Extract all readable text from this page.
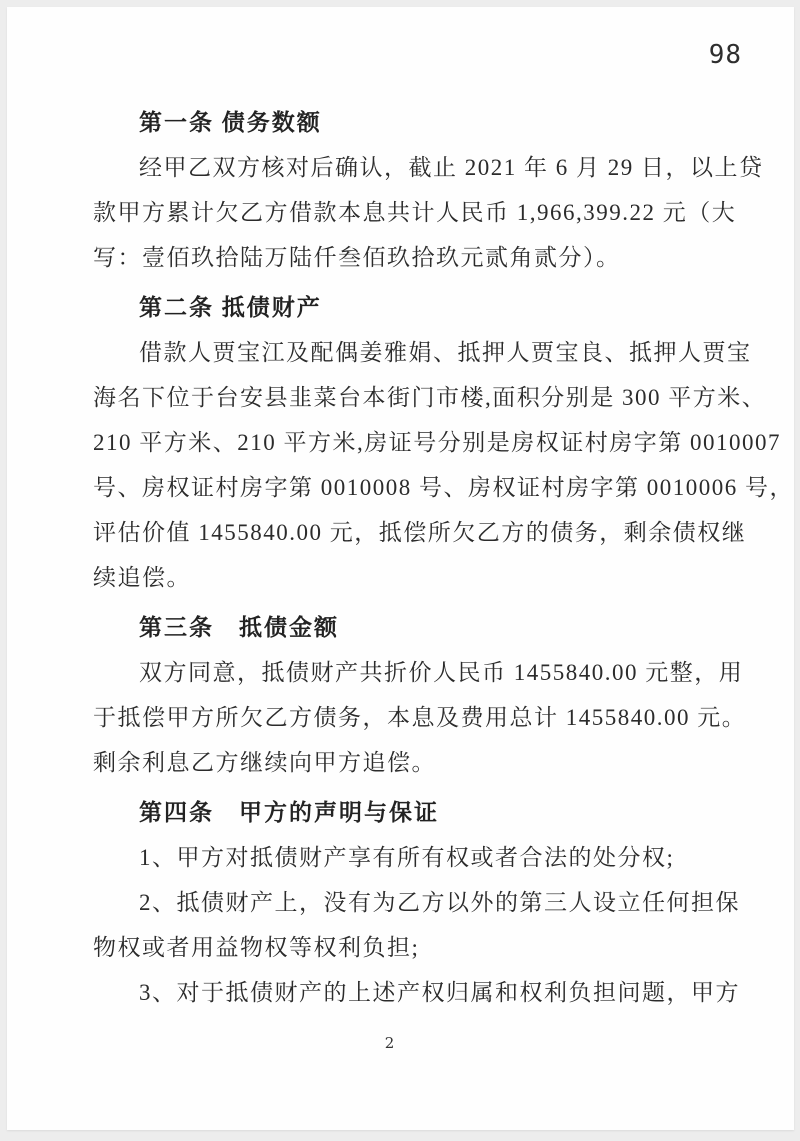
98
第一条 债务数额
经甲乙双方核对后确认，截止 2021 年 6 月 29 日，以上贷
款甲方累计欠乙方借款本息共计人民币 1,966,399.22 元（大
写：壹佰玖拾陆万陆仟叁佰玖拾玖元贰角贰分）。
第二条 抵债财产
借款人贾宝江及配偶姜雅娟、抵押人贾宝良、抵押人贾宝
海名下位于台安县韭菜台本街门市楼,面积分别是 300 平方米、
210 平方米、210 平方米,房证号分别是房权证村房字第 0010007
号、房权证村房字第 0010008 号、房权证村房字第 0010006 号，
评估价值 1455840.00 元，抵偿所欠乙方的债务，剩余债权继
续追偿。
第三条　抵债金额
双方同意，抵债财产共折价人民币 1455840.00 元整，用
于抵偿甲方所欠乙方债务，本息及费用总计 1455840.00 元。
剩余利息乙方继续向甲方追偿。
第四条　甲方的声明与保证
1、甲方对抵债财产享有所有权或者合法的处分权;
2、抵债财产上，没有为乙方以外的第三人设立任何担保
物权或者用益物权等权利负担;
3、对于抵债财产的上述产权归属和权利负担问题，甲方
2
